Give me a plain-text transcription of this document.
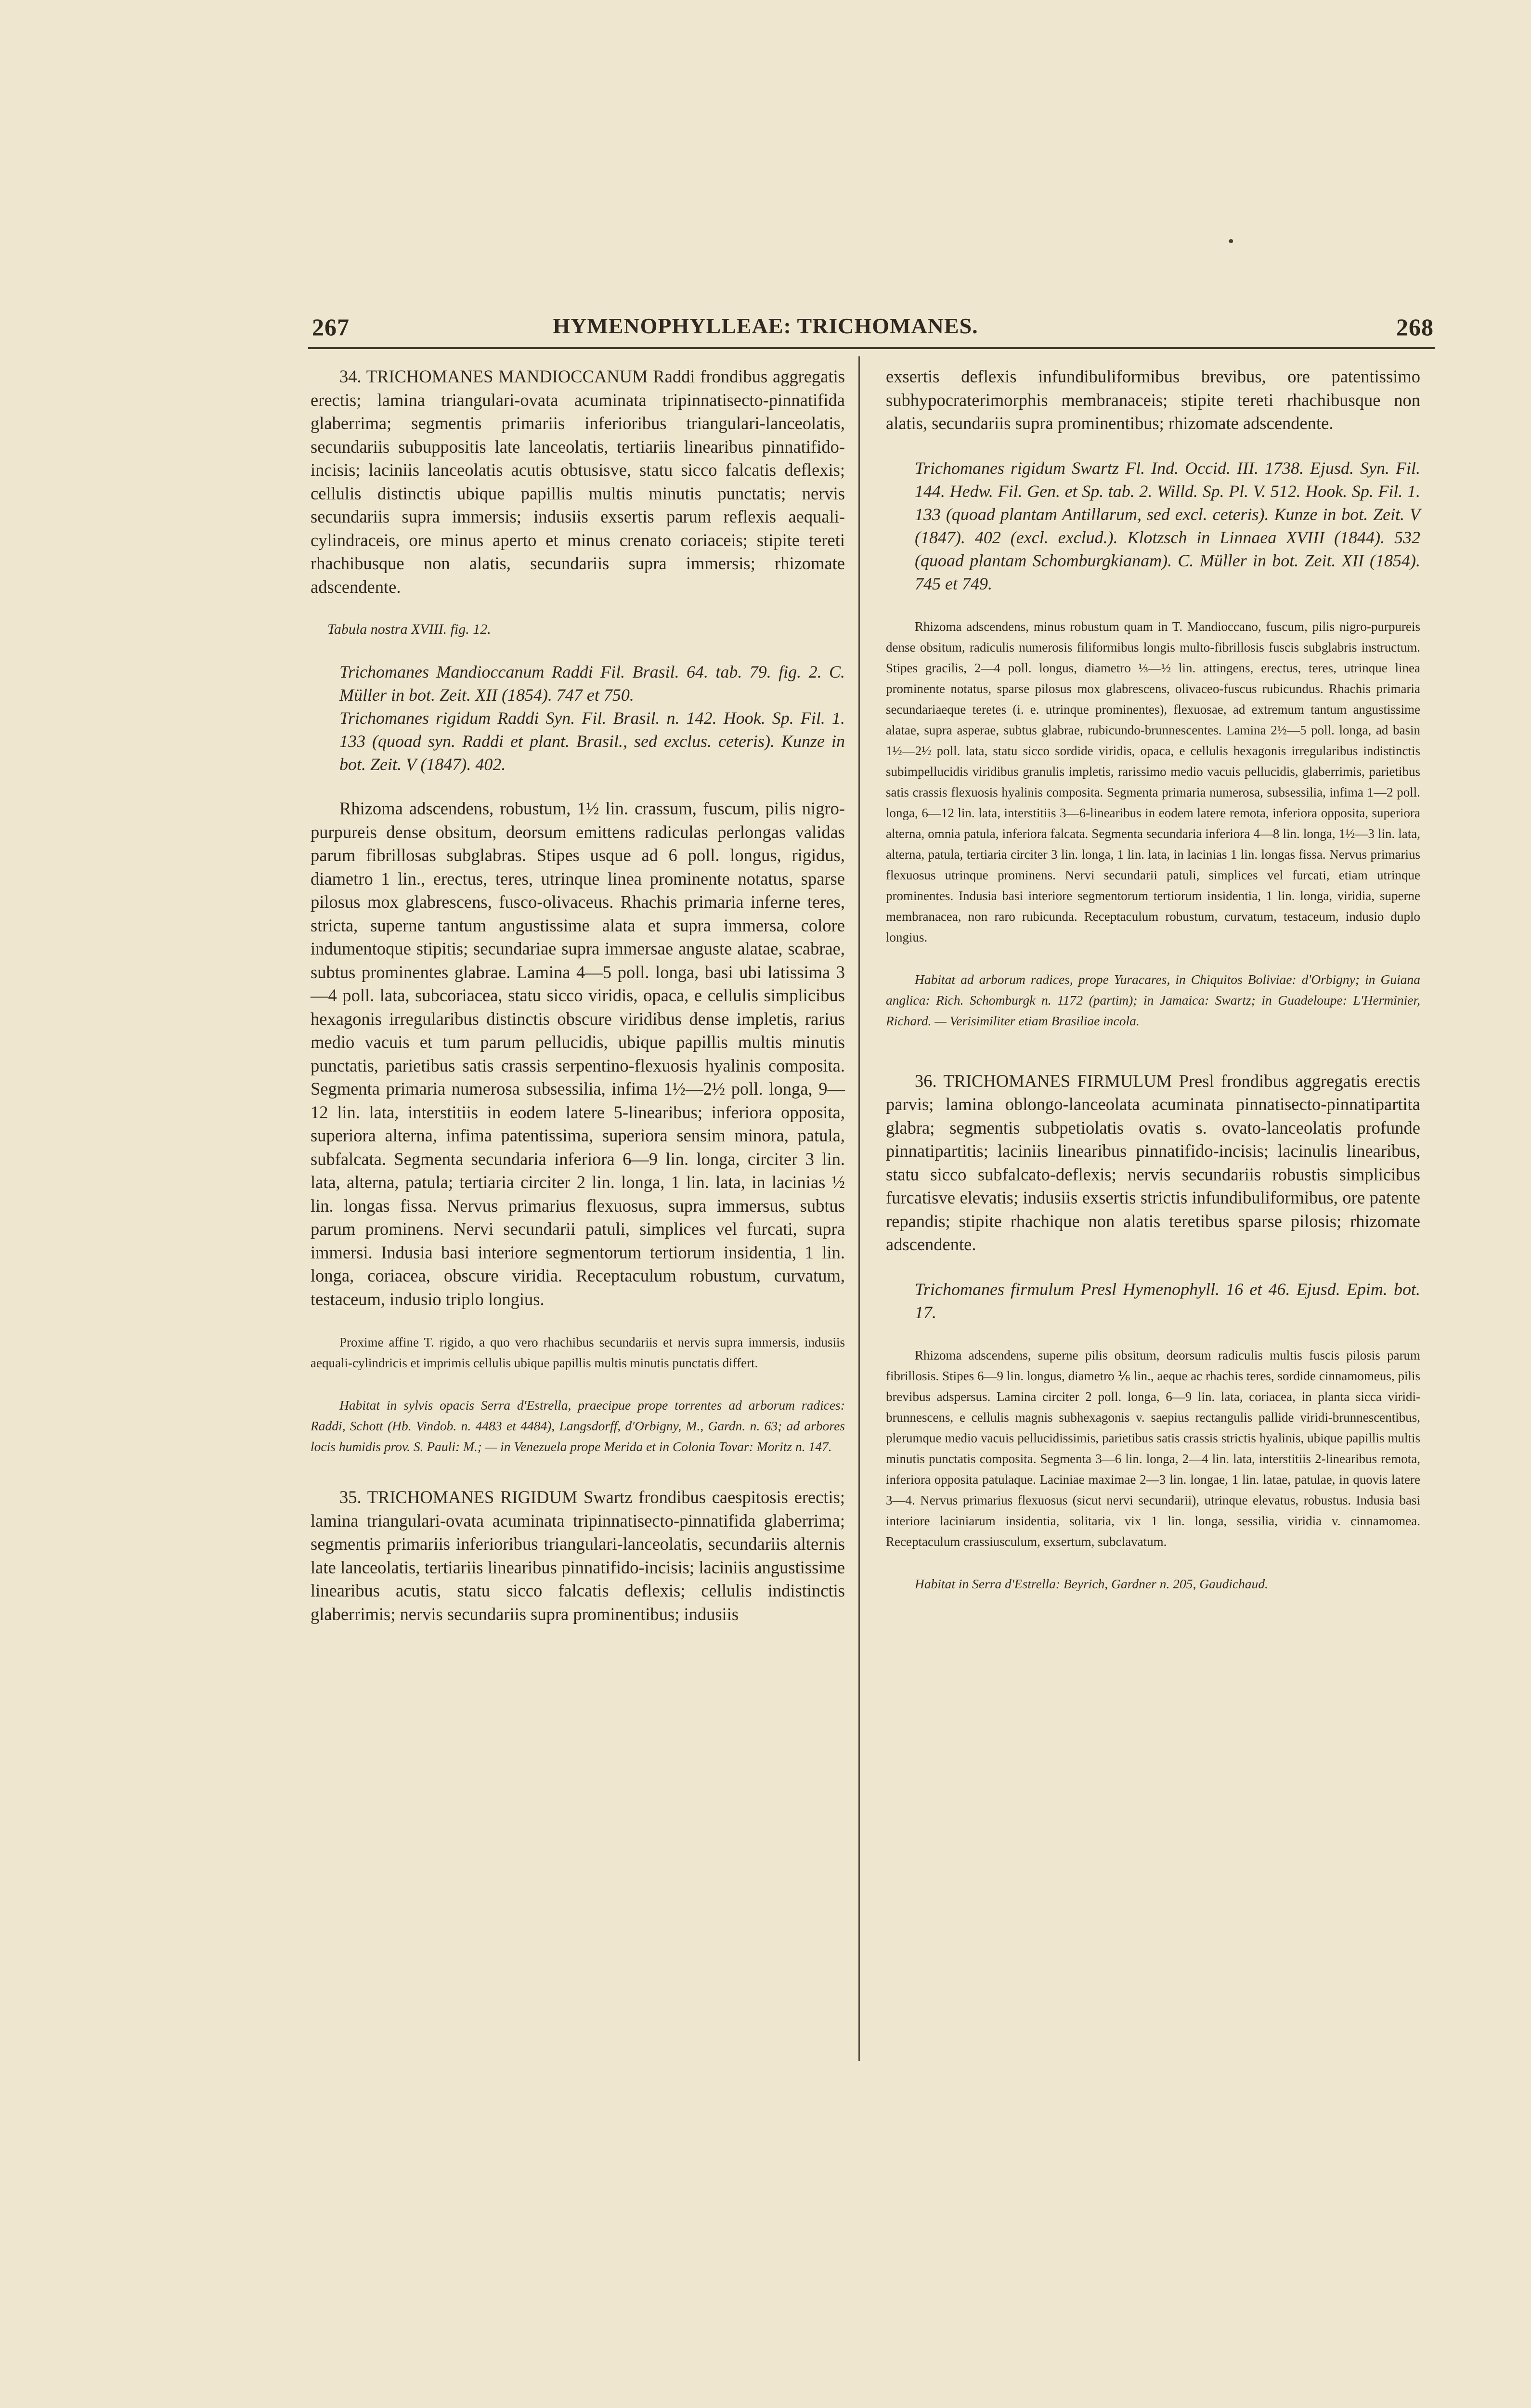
•
267	HYMENOPHYLLEAE: TRICHOMANES.	268

34. TRICHOMANES MANDIOCCANUM Raddi frondibus aggregatis erectis; lamina triangulari-ovata acuminata tripinnatisecto-pinnatifida glaberrima; segmentis primariis inferioribus triangulari-lanceolatis, secundariis subuppositis late lanceolatis, tertiariis linearibus pinnatifido-incisis; laciniis lanceolatis acutis obtusisve, statu sicco falcatis deflexis; cellulis distinctis ubique papillis multis minutis punctatis; nervis secundariis supra immersis; indusiis exsertis parum reflexis aequali-cylindraceis, ore minus aperto et minus crenato coriaceis; stipite tereti rhachibusque non alatis, secundariis supra immersis; rhizomate adscendente.

Tabula nostra XVIII. fig. 12.

Trichomanes Mandioccanum Raddi Fil. Brasil. 64. tab. 79. fig. 2. C. Müller in bot. Zeit. XII (1854). 747 et 750.

Trichomanes rigidum Raddi Syn. Fil. Brasil. n. 142. Hook. Sp. Fil. 1. 133 (quoad syn. Raddi et plant. Brasil., sed exclus. ceteris). Kunze in bot. Zeit. V (1847). 402.

Rhizoma adscendens, robustum, 1½ lin. crassum, fuscum, pilis nigro-purpureis dense obsitum, deorsum emittens radiculas perlongas validas parum fibrillosas subglabras. Stipes usque ad 6 poll. longus, rigidus, diametro 1 lin., erectus, teres, utrinque linea prominente notatus, sparse pilosus mox glabrescens, fusco-olivaceus. Rhachis primaria inferne teres, stricta, superne tantum angustissime alata et supra immersa, colore indumentoque stipitis; secundariae supra immersae anguste alatae, scabrae, subtus prominentes glabrae. Lamina 4—5 poll. longa, basi ubi latissima 3—4 poll. lata, subcoriacea, statu sicco viridis, opaca, e cellulis simplicibus hexagonis irregularibus distinctis obscure viridibus dense impletis, rarius medio vacuis et tum parum pellucidis, ubique papillis multis minutis punctatis, parietibus satis crassis serpentino-flexuosis hyalinis composita. Segmenta primaria numerosa subsessilia, infima 1½—2½ poll. longa, 9—12 lin. lata, interstitiis in eodem latere 5-linearibus; inferiora opposita, superiora alterna, infima patentissima, superiora sensim minora, patula, subfalcata. Segmenta secundaria inferiora 6—9 lin. longa, circiter 3 lin. lata, alterna, patula; tertiaria circiter 2 lin. longa, 1 lin. lata, in lacinias ½ lin. longas fissa. Nervus primarius flexuosus, supra immersus, subtus parum prominens. Nervi secundarii patuli, simplices vel furcati, supra immersi. Indusia basi interiore segmentorum tertiorum insidentia, 1 lin. longa, coriacea, obscure viridia. Receptaculum robustum, curvatum, testaceum, indusio triplo longius.

Proxime affine T. rigido, a quo vero rhachibus secundariis et nervis supra immersis, indusiis aequali-cylindricis et imprimis cellulis ubique papillis multis minutis punctatis differt.

Habitat in sylvis opacis Serra d'Estrella, praecipue prope torrentes ad arborum radices: Raddi, Schott (Hb. Vindob. n. 4483 et 4484), Langsdorff, d'Orbigny, M., Gardn. n. 63; ad arbores locis humidis prov. S. Pauli: M.; — in Venezuela prope Merida et in Colonia Tovar: Moritz n. 147.

35. TRICHOMANES RIGIDUM Swartz frondibus caespitosis erectis; lamina triangulari-ovata acuminata tripinnatisecto-pinnatifida glaberrima; segmentis primariis inferioribus triangulari-lanceolatis, secundariis alternis late lanceolatis, tertiariis linearibus pinnatifido-incisis; laciniis angustissime linearibus acutis, statu sicco falcatis deflexis; cellulis indistinctis glaberrimis; nervis secundariis supra prominentibus; indusiis

exsertis deflexis infundibuliformibus brevibus, ore patentissimo subhypocraterimorphis membranaceis; stipite tereti rhachibusque non alatis, secundariis supra prominentibus; rhizomate adscendente.

Trichomanes rigidum Swartz Fl. Ind. Occid. III. 1738. Ejusd. Syn. Fil. 144. Hedw. Fil. Gen. et Sp. tab. 2. Willd. Sp. Pl. V. 512. Hook. Sp. Fil. 1. 133 (quoad plantam Antillarum, sed excl. ceteris). Kunze in bot. Zeit. V (1847). 402 (excl. exclud.). Klotzsch in Linnaea XVIII (1844). 532 (quoad plantam Schomburgkianam). C. Müller in bot. Zeit. XII (1854). 745 et 749.

Rhizoma adscendens, minus robustum quam in T. Mandioccano, fuscum, pilis nigro-purpureis dense obsitum, radiculis numerosis filiformibus longis multo-fibrillosis fuscis subglabris instructum. Stipes gracilis, 2—4 poll. longus, diametro ⅓—½ lin. attingens, erectus, teres, utrinque linea prominente notatus, sparse pilosus mox glabrescens, olivaceo-fuscus rubicundus. Rhachis primaria secundariaeque teretes (i. e. utrinque prominentes), flexuosae, ad extremum tantum angustissime alatae, supra asperae, subtus glabrae, rubicundo-brunnescentes. Lamina 2½—5 poll. longa, ad basin 1½—2½ poll. lata, statu sicco sordide viridis, opaca, e cellulis hexagonis irregularibus indistinctis subimpellucidis viridibus granulis impletis, rarissimo medio vacuis pellucidis, glaberrimis, parietibus satis crassis flexuosis hyalinis composita. Segmenta primaria numerosa, subsessilia, infima 1—2 poll. longa, 6—12 lin. lata, interstitiis 3—6-linearibus in eodem latere remota, inferiora opposita, superiora alterna, omnia patula, inferiora falcata. Segmenta secundaria inferiora 4—8 lin. longa, 1½—3 lin. lata, alterna, patula, tertiaria circiter 3 lin. longa, 1 lin. lata, in lacinias 1 lin. longas fissa. Nervus primarius flexuosus utrinque prominens. Nervi secundarii patuli, simplices vel furcati, etiam utrinque prominentes. Indusia basi interiore segmentorum tertiorum insidentia, 1 lin. longa, viridia, superne membranacea, non raro rubicunda. Receptaculum robustum, curvatum, testaceum, indusio duplo longius.

Habitat ad arborum radices, prope Yuracares, in Chiquitos Boliviae: d'Orbigny; in Guiana anglica: Rich. Schomburgk n. 1172 (partim); in Jamaica: Swartz; in Guadeloupe: L'Herminier, Richard. — Verisimiliter etiam Brasiliae incola.

36. TRICHOMANES FIRMULUM Presl frondibus aggregatis erectis parvis; lamina oblongo-lanceolata acuminata pinnatisecto-pinnatipartita glabra; segmentis subpetiolatis ovatis s. ovato-lanceolatis profunde pinnatipartitis; laciniis linearibus pinnatifido-incisis; lacinulis linearibus, statu sicco subfalcato-deflexis; nervis secundariis robustis simplicibus furcatisve elevatis; indusiis exsertis strictis infundibuliformibus, ore patente repandis; stipite rhachique non alatis teretibus sparse pilosis; rhizomate adscendente.

Trichomanes firmulum Presl Hymenophyll. 16 et 46. Ejusd. Epim. bot. 17.

Rhizoma adscendens, superne pilis obsitum, deorsum radiculis multis fuscis pilosis parum fibrillosis. Stipes 6—9 lin. longus, diametro ⅙ lin., aeque ac rhachis teres, sordide cinnamomeus, pilis brevibus adspersus. Lamina circiter 2 poll. longa, 6—9 lin. lata, coriacea, in planta sicca viridi-brunnescens, e cellulis magnis subhexagonis v. saepius rectangulis pallide viridi-brunnescentibus, plerumque medio vacuis pellucidissimis, parietibus satis crassis strictis hyalinis, ubique papillis multis minutis punctatis composita. Segmenta 3—6 lin. longa, 2—4 lin. lata, interstitiis 2-linearibus remota, inferiora opposita patulaque. Laciniae maximae 2—3 lin. longae, 1 lin. latae, patulae, in quovis latere 3—4. Nervus primarius flexuosus (sicut nervi secundarii), utrinque elevatus, robustus. Indusia basi interiore laciniarum insidentia, solitaria, vix 1 lin. longa, sessilia, viridia v. cinnamomea. Receptaculum crassiusculum, exsertum, subclavatum.

Habitat in Serra d'Estrella: Beyrich, Gardner n. 205, Gaudichaud.
